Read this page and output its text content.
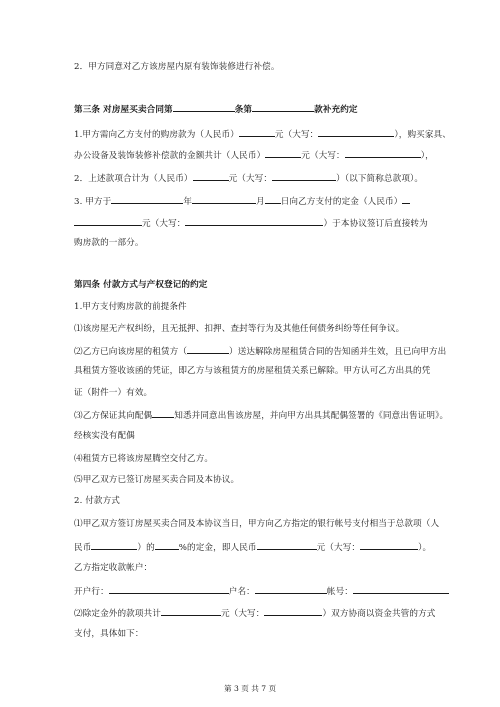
2．甲方同意对乙方该房屋内原有装饰装修进行补偿。
第三条 对房屋买卖合同第	条第	款补充约定
1.甲方需向乙方支付的购房款为（人民币）	元（大写：	），购买家具、
办公设备及装饰装修补偿款的金额共计（人民币）	元（大写：	），
2．上述款项合计为（人民币）	元（大写：	）（以下简称总款项）。
3. 甲方于	年	月 日向乙方支付的定金（人民币）
元（大写：	）于本协议签订后直接转为
购房款的一部分。
第四条 付款方式与产权登记的约定
1.甲方支付购房款的前提条件
⑴该房屋无产权纠纷，且无抵押、扣押、查封等行为及其他任何债务纠纷等任何争议。
⑵乙方已向该房屋的租赁方（	）送达解除房屋租赁合同的告知函并生效，且已向甲方出
具租赁方签收该函的凭证，即乙方与该租赁方的房屋租赁关系已解除。甲方认可乙方出具的凭
证（附件一）有效。
⑶乙方保证其向配偶	知悉并同意出售该房屋，并向甲方出具其配偶签署的《同意出售证明》。
经核实没有配偶
⑷租赁方已将该房屋腾空交付乙方。
⑸甲乙双方已签订房屋买卖合同及本协议。
2. 付款方式
⑴甲乙双方签订房屋买卖合同及本协议当日，甲方向乙方指定的银行帐号支付相当于总款项（人
民币	）的	%的定金，即人民币	元（大写：	）。
乙方指定收款帐户：
开户行：	户名：	帐号：
⑵除定金外的款项共计	元（大写：	）双方协商以资金共管的方式
支付，具体如下：
第 3 页 共 7 页
